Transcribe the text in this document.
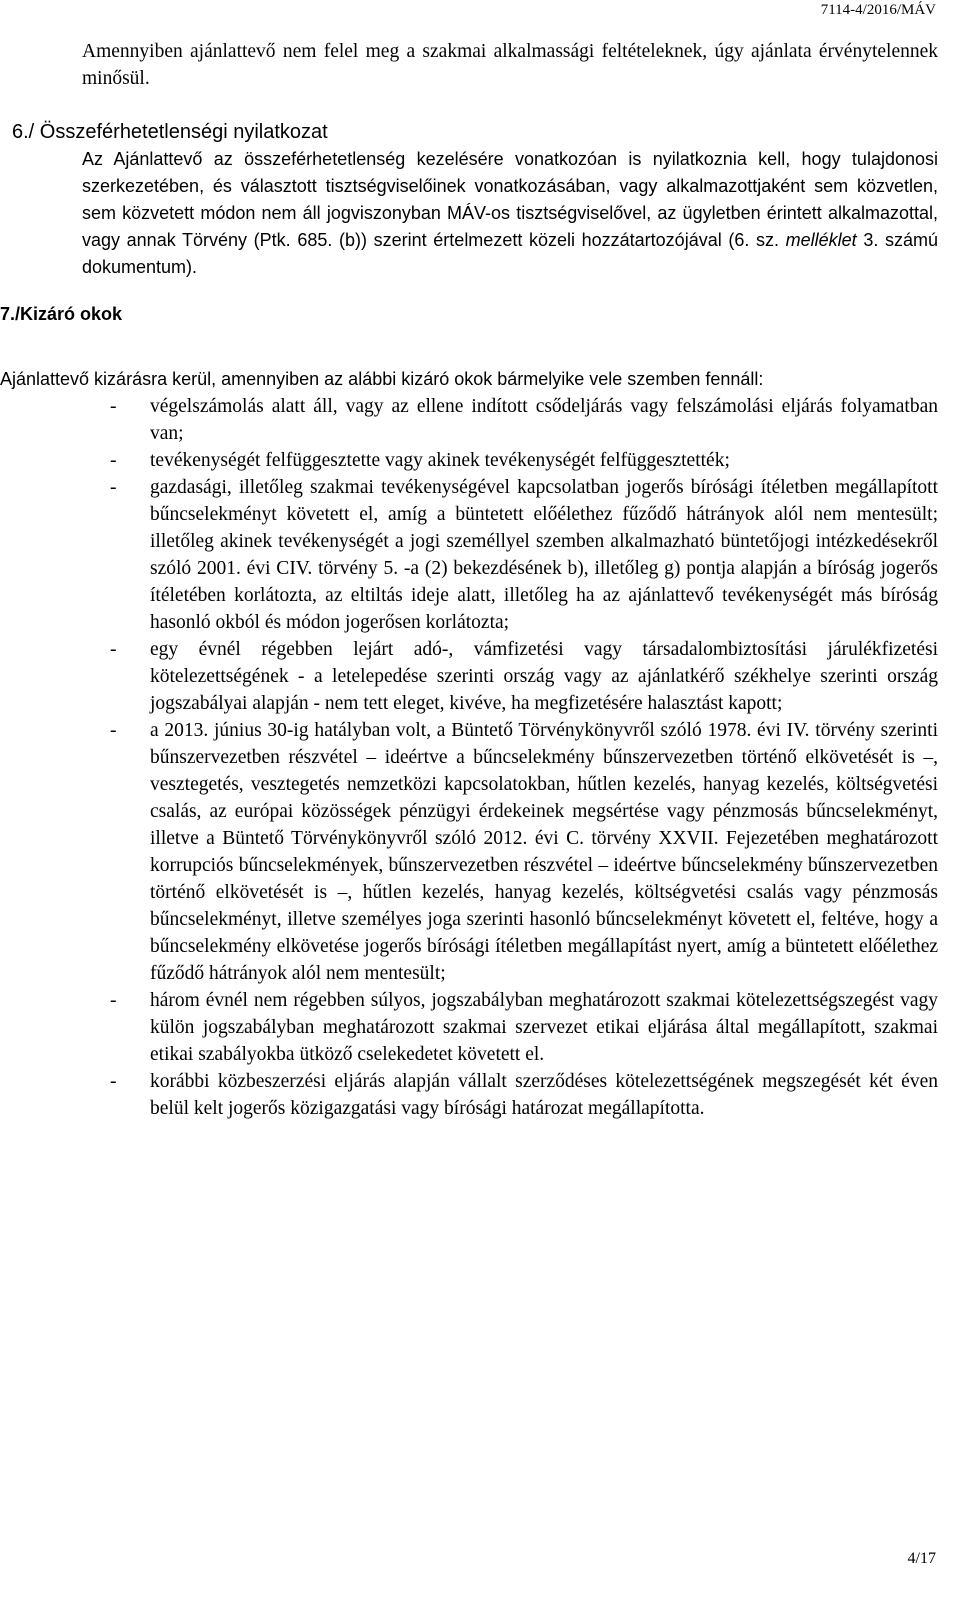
7114-4/2016/MÁV

Amennyiben ajánlattevő nem felel meg a szakmai alkalmassági feltételeknek, úgy ajánlata érvénytelennek minősül.

6./ Összeférhetetlenségi nyilatkozat

Az Ajánlattevő az összeférhetetlenség kezelésére vonatkozóan is nyilatkoznia kell, hogy tulajdonosi szerkezetében, és választott tisztségviselőinek vonatkozásában, vagy alkalmazottjaként sem közvetlen, sem közvetett módon nem áll jogviszonyban MÁV-os tisztségviselővel, az ügyletben érintett alkalmazottal, vagy annak Törvény (Ptk. 685. (b)) szerint értelmezett közeli hozzátartozójával (6. sz. melléklet 3. számú dokumentum).

7./Kizáró okok

Ajánlattevő kizárásra kerül, amennyiben az alábbi kizáró okok bármelyike vele szemben fennáll:

- végelszámolás alatt áll, vagy az ellene indított csődeljárás vagy felszámolási eljárás folyamatban van;

- tevékenységét felfüggesztette vagy akinek tevékenységét felfüggesztették;

- gazdasági, illetőleg szakmai tevékenységével kapcsolatban jogerős bírósági ítéletben megállapított bűncselekményt követett el, amíg a büntetett előélethez fűződő hátrányok alól nem mentesült; illetőleg akinek tevékenységét a jogi személlyel szemben alkalmazható büntetőjogi intézkedésekről szóló 2001. évi CIV. törvény 5. -a (2) bekezdésének b), illetőleg g) pontja alapján a bíróság jogerős ítéletében korlátozta, az eltiltás ideje alatt, illetőleg ha az ajánlattevő tevékenységét más bíróság hasonló okból és módon jogerősen korlátozta;

- egy évnél régebben lejárt adó-, vámfizetési vagy társadalombiztosítási járulékfizetési kötelezettségének - a letelepedése szerinti ország vagy az ajánlatkérő székhelye szerinti ország jogszabályai alapján - nem tett eleget, kivéve, ha megfizetésére halasztást kapott;

- a 2013. június 30-ig hatályban volt, a Büntető Törvénykönyvről szóló 1978. évi IV. törvény szerinti bűnszervezetben részvétel – ideértve a bűncselekmény bűnszervezetben történő elkövetését is –, vesztegetés, vesztegetés nemzetközi kapcsolatokban, hűtlen kezelés, hanyag kezelés, költségvetési csalás, az európai közösségek pénzügyi érdekeinek megsértése vagy pénzmosás bűncselekményt, illetve a Büntető Törvénykönyvről szóló 2012. évi C. törvény XXVII. Fejezetében meghatározott korrupciós bűncselekmények, bűnszervezetben részvétel – ideértve bűncselekmény bűnszervezetben történő elkövetését is –, hűtlen kezelés, hanyag kezelés, költségvetési csalás vagy pénzmosás bűncselekményt, illetve személyes joga szerinti hasonló bűncselekményt követett el, feltéve, hogy a bűncselekmény elkövetése jogerős bírósági ítéletben megállapítást nyert, amíg a büntetett előélethez fűződő hátrányok alól nem mentesült;

- három évnél nem régebben súlyos, jogszabályban meghatározott szakmai kötelezettségszegést vagy külön jogszabályban meghatározott szakmai szervezet etikai eljárása által megállapított, szakmai etikai szabályokba ütköző cselekedetet követett el.

- korábbi közbeszerzési eljárás alapján vállalt szerződéses kötelezettségének megszegését két éven belül kelt jogerős közigazgatási vagy bírósági határozat megállapította.

4/17
